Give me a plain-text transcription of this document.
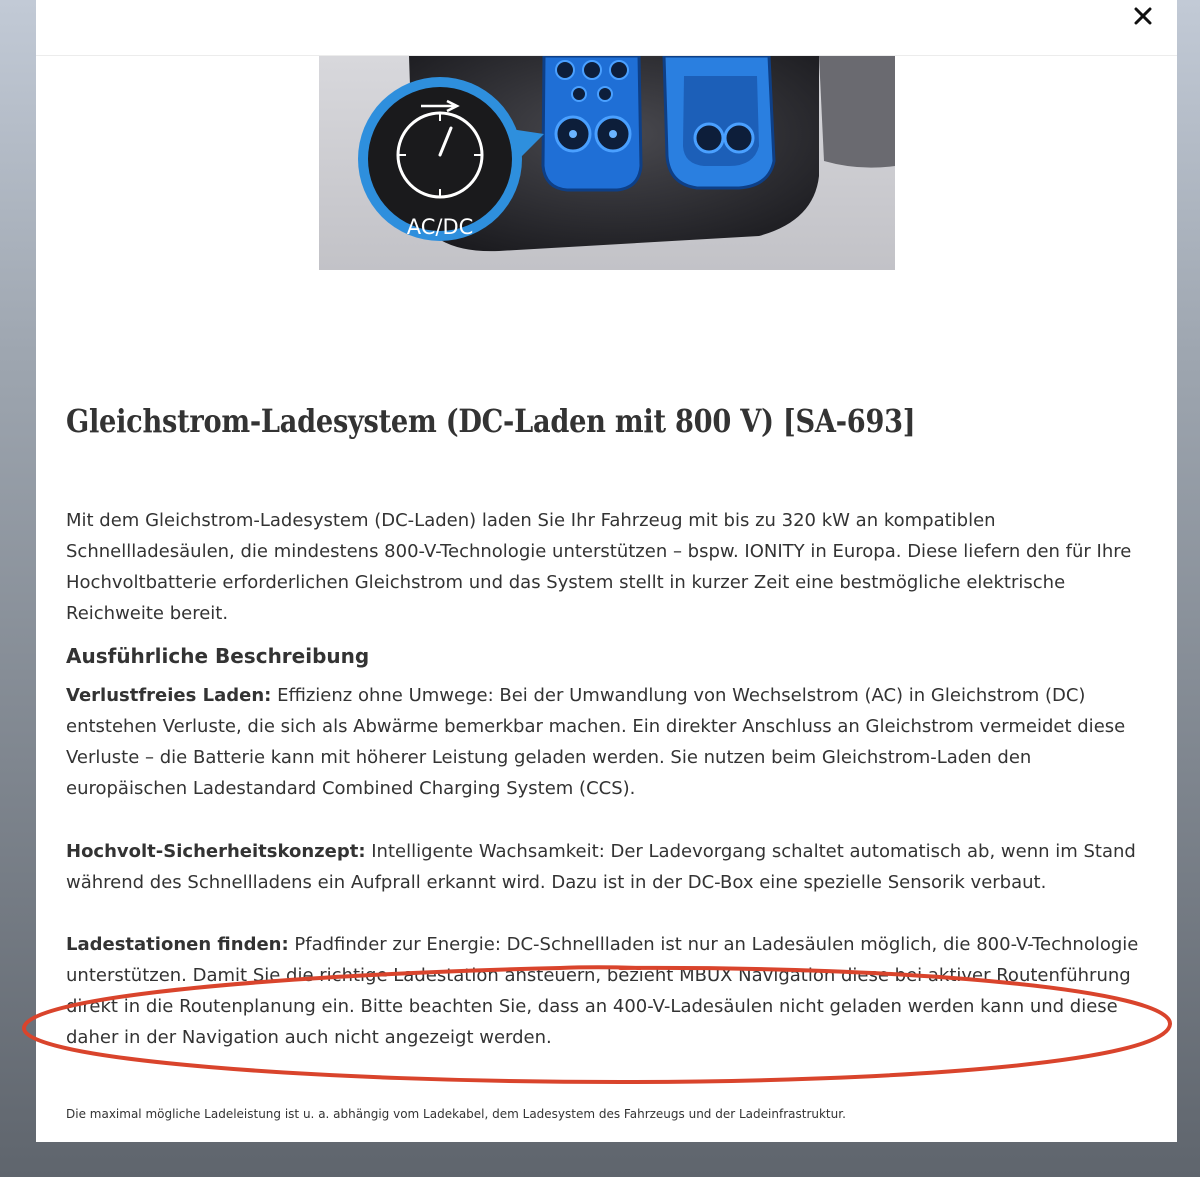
AC/DC
Gleichstrom-Ladesystem (DC-Laden mit 800 V) [SA-693]

Mit dem Gleichstrom-Ladesystem (DC-Laden) laden Sie Ihr Fahrzeug mit bis zu 320 kW an kompatiblen Schnellladesäulen, die mindestens 800-V-Technologie unterstützen – bspw. IONITY in Europa. Diese liefern den für Ihre Hochvoltbatterie erforderlichen Gleichstrom und das System stellt in kurzer Zeit eine bestmögliche elektrische Reichweite bereit.

Ausführliche Beschreibung

Verlustfreies Laden: Effizienz ohne Umwege: Bei der Umwandlung von Wechselstrom (AC) in Gleichstrom (DC) entstehen Verluste, die sich als Abwärme bemerkbar machen. Ein direkter Anschluss an Gleichstrom vermeidet diese Verluste – die Batterie kann mit höherer Leistung geladen werden. Sie nutzen beim Gleichstrom-Laden den europäischen Ladestandard Combined Charging System (CCS).

Hochvolt-Sicherheitskonzept: Intelligente Wachsamkeit: Der Ladevorgang schaltet automatisch ab, wenn im Stand während des Schnellladens ein Aufprall erkannt wird. Dazu ist in der DC-Box eine spezielle Sensorik verbaut.

Ladestationen finden: Pfadfinder zur Energie: DC-Schnellladen ist nur an Ladesäulen möglich, die 800-V-Technologie unterstützen. Damit Sie die richtige Ladestation ansteuern, bezieht MBUX Navigation diese bei aktiver Routenführung direkt in die Routenplanung ein. Bitte beachten Sie, dass an 400-V-Ladesäulen nicht geladen werden kann und diese daher in der Navigation auch nicht angezeigt werden.

Die maximal mögliche Ladeleistung ist u. a. abhängig vom Ladekabel, dem Ladesystem des Fahrzeugs und der Ladeinfrastruktur.
